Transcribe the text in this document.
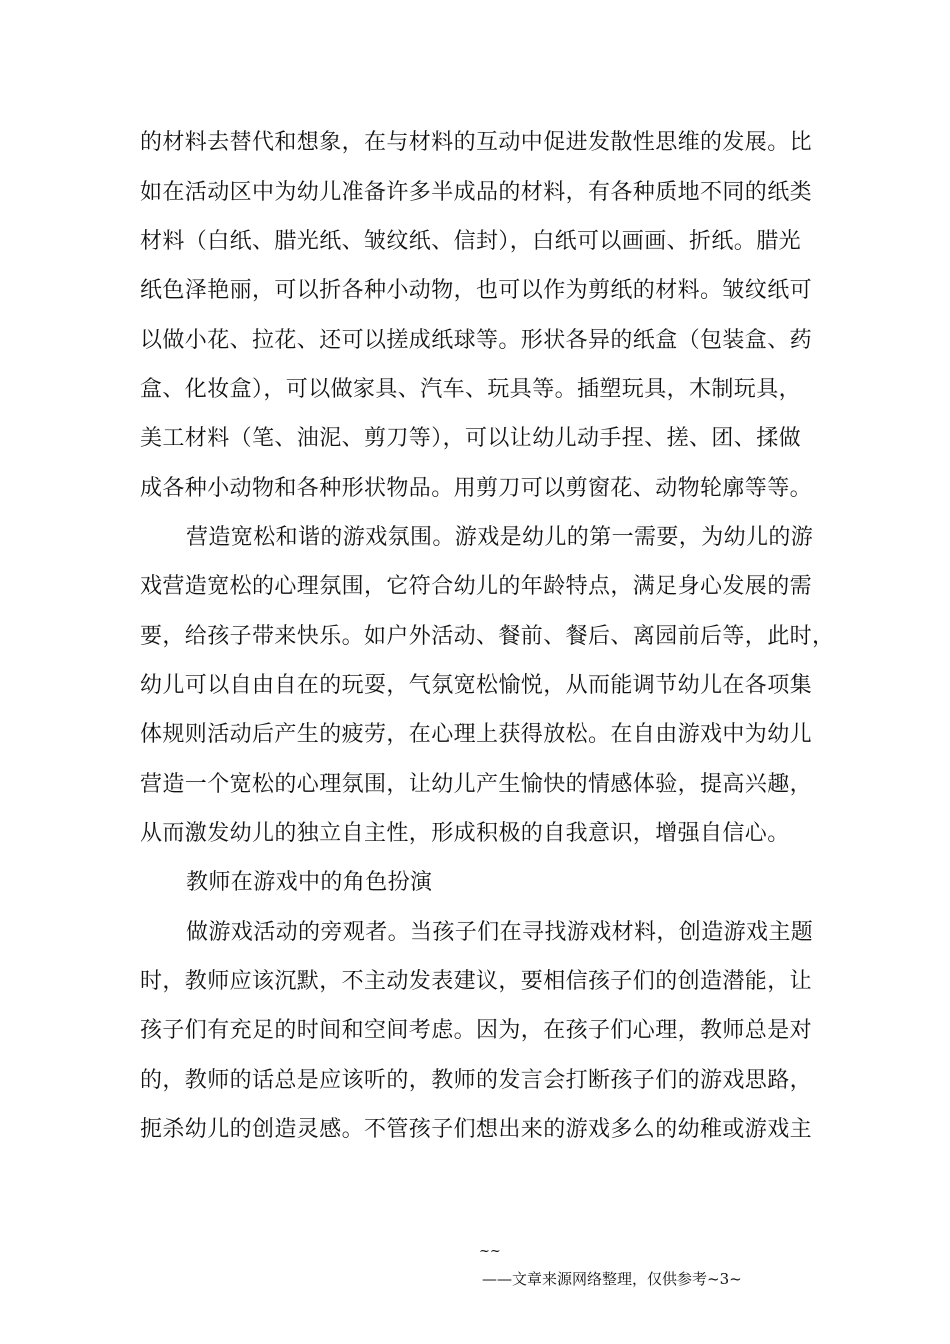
的材料去替代和想象，在与材料的互动中促进发散性思维的发展。比
如在活动区中为幼儿准备许多半成品的材料，有各种质地不同的纸类
材料（白纸、腊光纸、皱纹纸、信封），白纸可以画画、折纸。腊光
纸色泽艳丽，可以折各种小动物，也可以作为剪纸的材料。皱纹纸可
以做小花、拉花、还可以搓成纸球等。形状各异的纸盒（包装盒、药
盒、化妆盒），可以做家具、汽车、玩具等。插塑玩具，木制玩具，
美工材料（笔、油泥、剪刀等），可以让幼儿动手捏、搓、团、揉做
成各种小动物和各种形状物品。用剪刀可以剪窗花、动物轮廓等等。
营造宽松和谐的游戏氛围。游戏是幼儿的第一需要，为幼儿的游
戏营造宽松的心理氛围，它符合幼儿的年龄特点，满足身心发展的需
要，给孩子带来快乐。如户外活动、餐前、餐后、离园前后等，此时，
幼儿可以自由自在的玩耍，气氛宽松愉悦，从而能调节幼儿在各项集
体规则活动后产生的疲劳，在心理上获得放松。在自由游戏中为幼儿
营造一个宽松的心理氛围，让幼儿产生愉快的情感体验，提高兴趣，
从而激发幼儿的独立自主性，形成积极的自我意识，增强自信心。
教师在游戏中的角色扮演
做游戏活动的旁观者。当孩子们在寻找游戏材料，创造游戏主题
时，教师应该沉默，不主动发表建议，要相信孩子们的创造潜能，让
孩子们有充足的时间和空间考虑。因为，在孩子们心理，教师总是对
的，教师的话总是应该听的，教师的发言会打断孩子们的游戏思路，
扼杀幼儿的创造灵感。不管孩子们想出来的游戏多么的幼稚或游戏主
~~
——文章来源网络整理，仅供参考~3~
